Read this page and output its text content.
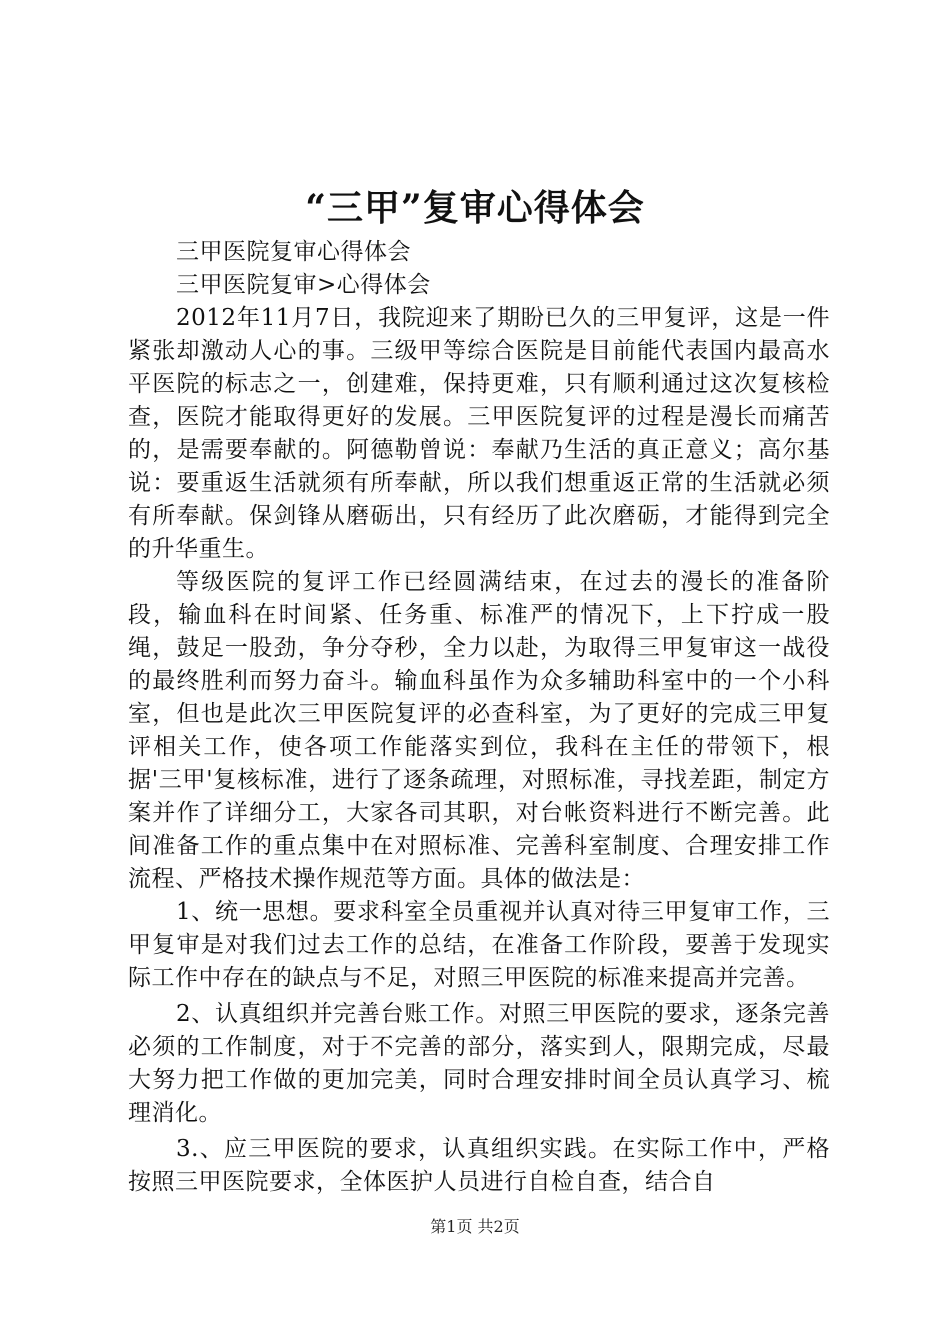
“三甲”复审心得体会

三甲医院复审心得体会

三甲医院复审>心得体会

2012年11月7日，我院迎来了期盼已久的三甲复评，这是一件紧张却激动人心的事。三级甲等综合医院是目前能代表国内最高水平医院的标志之一，创建难，保持更难，只有顺利通过这次复核检查，医院才能取得更好的发展。三甲医院复评的过程是漫长而痛苦的，是需要奉献的。阿德勒曾说：奉献乃生活的真正意义；高尔基说：要重返生活就须有所奉献，所以我们想重返正常的生活就必须有所奉献。保剑锋从磨砺出，只有经历了此次磨砺，才能得到完全的升华重生。

等级医院的复评工作已经圆满结束，在过去的漫长的准备阶段，输血科在时间紧、任务重、标准严的情况下，上下拧成一股绳，鼓足一股劲，争分夺秒，全力以赴，为取得三甲复审这一战役的最终胜利而努力奋斗。输血科虽作为众多辅助科室中的一个小科室，但也是此次三甲医院复评的必查科室，为了更好的完成三甲复评相关工作，使各项工作能落实到位，我科在主任的带领下，根据'三甲'复核标准，进行了逐条疏理，对照标准，寻找差距，制定方案并作了详细分工，大家各司其职，对台帐资料进行不断完善。此间准备工作的重点集中在对照标准、完善科室制度、合理安排工作流程、严格技术操作规范等方面。具体的做法是：

1、统一思想。要求科室全员重视并认真对待三甲复审工作，三甲复审是对我们过去工作的总结，在准备工作阶段，要善于发现实际工作中存在的缺点与不足，对照三甲医院的标准来提高并完善。

2、认真组织并完善台账工作。对照三甲医院的要求，逐条完善必须的工作制度，对于不完善的部分，落实到人，限期完成，尽最大努力把工作做的更加完美，同时合理安排时间全员认真学习、梳理消化。

3.、应三甲医院的要求，认真组织实践。在实际工作中，严格按照三甲医院要求，全体医护人员进行自检自查，结合自

第1页 共2页
